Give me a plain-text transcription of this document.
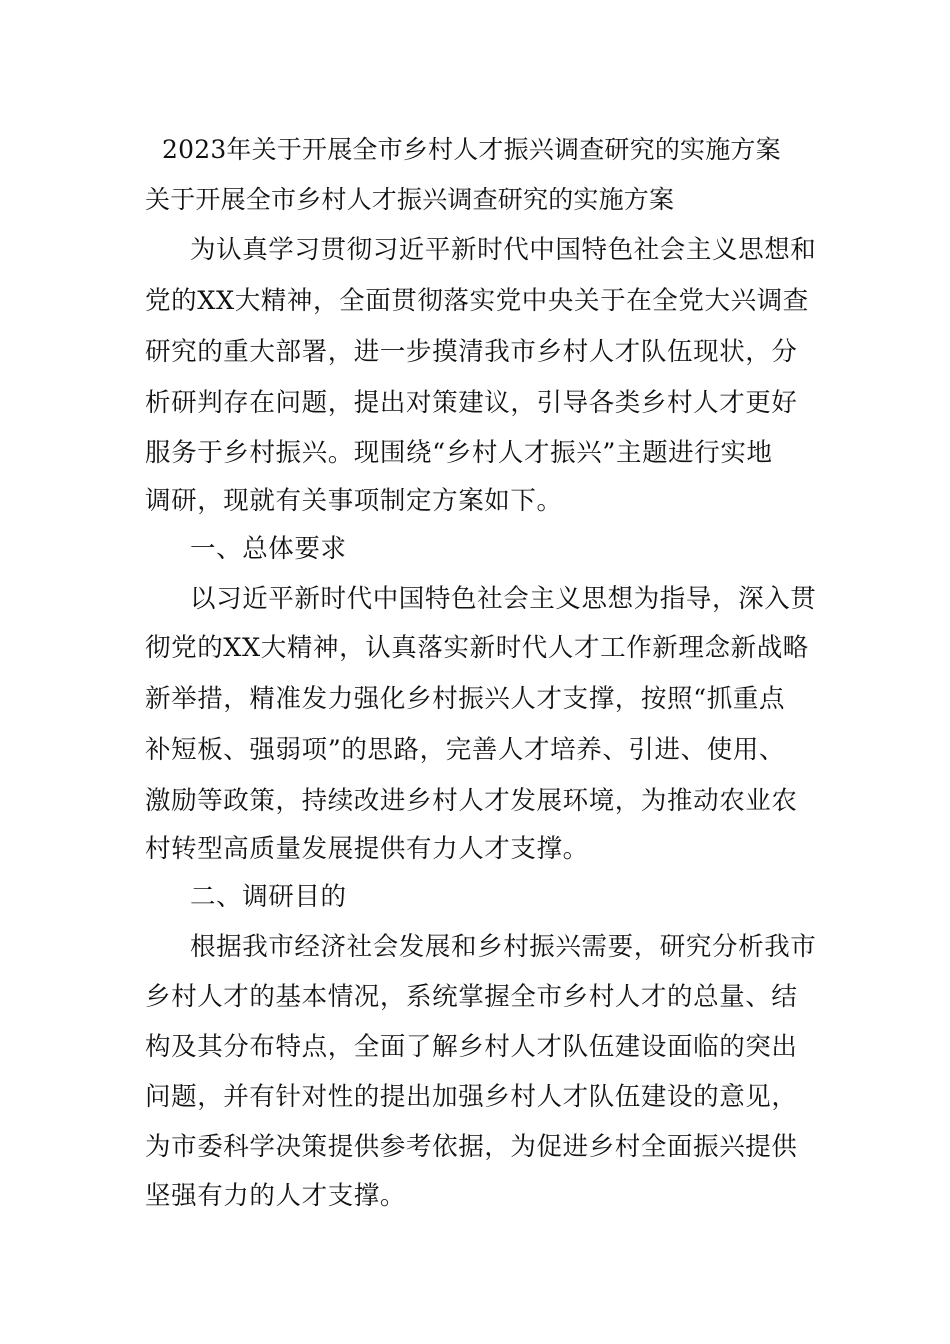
2023年关于开展全市乡村人才振兴调查研究的实施方案
关于开展全市乡村人才振兴调查研究的实施方案
为认真学习贯彻习近平新时代中国特色社会主义思想和
党的XX大精神，全面贯彻落实党中央关于在全党大兴调查
研究的重大部署，进一步摸清我市乡村人才队伍现状，分
析研判存在问题，提出对策建议，引导各类乡村人才更好
服务于乡村振兴。现围绕“乡村人才振兴”主题进行实地
调研，现就有关事项制定方案如下。
一、总体要求
以习近平新时代中国特色社会主义思想为指导，深入贯
彻党的XX大精神，认真落实新时代人才工作新理念新战略
新举措，精准发力强化乡村振兴人才支撑，按照“抓重点
补短板、强弱项”的思路，完善人才培养、引进、使用、
激励等政策，持续改进乡村人才发展环境，为推动农业农
村转型高质量发展提供有力人才支撑。
二、调研目的
根据我市经济社会发展和乡村振兴需要，研究分析我市
乡村人才的基本情况，系统掌握全市乡村人才的总量、结
构及其分布特点，全面了解乡村人才队伍建设面临的突出
问题，并有针对性的提出加强乡村人才队伍建设的意见，
为市委科学决策提供参考依据，为促进乡村全面振兴提供
坚强有力的人才支撑。
